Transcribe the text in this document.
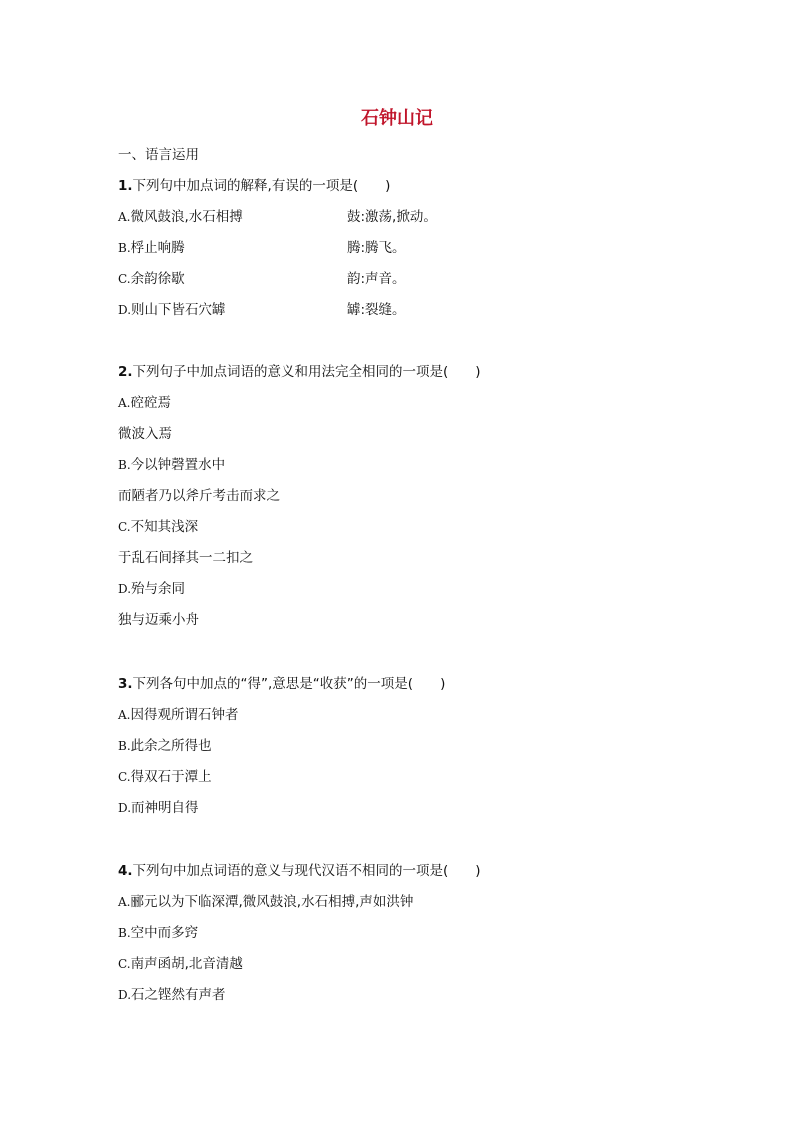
石钟山记
一、语言运用
1.下列句中加点词的解释,有误的一项是(　　)
A.微风鼓浪,水石相搏	鼓:激荡,掀动。
B.桴止响腾	腾:腾飞。
C.余韵徐歇	韵:声音。
D.则山下皆石穴罅	罅:裂缝。
2.下列句子中加点词语的意义和用法完全相同的一项是(　　)
A.硿硿焉
微波入焉
B.今以钟磬置水中
而陋者乃以斧斤考击而求之
C.不知其浅深
于乱石间择其一二扣之
D.殆与余同
独与迈乘小舟
3.下列各句中加点的“得”,意思是“收获”的一项是(　　)
A.因得观所谓石钟者
B.此余之所得也
C.得双石于潭上
D.而神明自得
4.下列句中加点词语的意义与现代汉语不相同的一项是(　　)
A.郦元以为下临深潭,微风鼓浪,水石相搏,声如洪钟
B.空中而多窍
C.南声函胡,北音清越
D.石之铿然有声者
